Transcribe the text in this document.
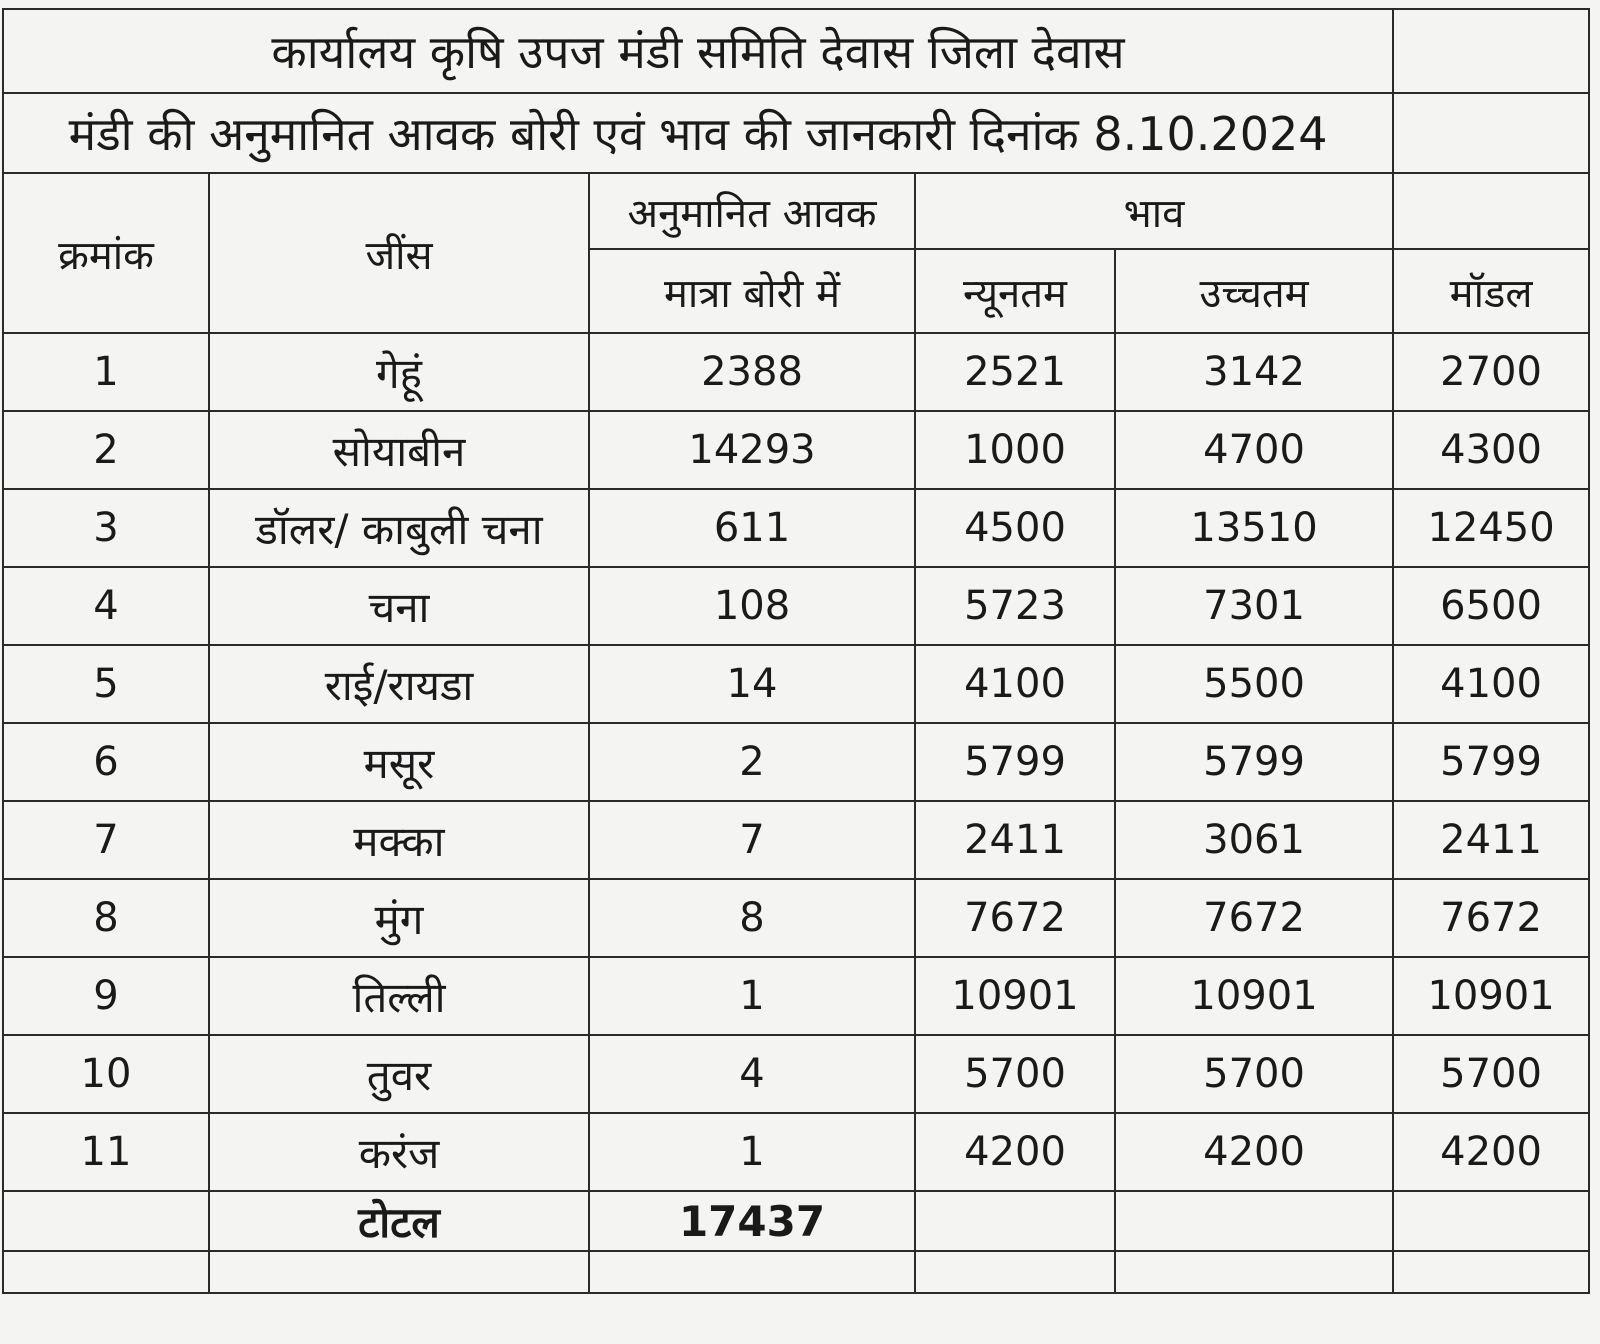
कार्यालय कृषि उपज मंडी समिति देवास जिला देवास					
मंडी की अनुमानित आवक बोरी एवं भाव की जानकारी दिनांक 8.10.2024					
क्रमांक	जींस	अनुमानित आवक	भाव		
		मात्रा बोरी में	न्यूनतम	उच्चतम	मॉडल
1	गेहूं	2388	2521	3142	2700
2	सोयाबीन	14293	1000	4700	4300
3	डॉलर/ काबुली चना	611	4500	13510	12450
4	चना	108	5723	7301	6500
5	राई/रायडा	14	4100	5500	4100
6	मसूर	2	5799	5799	5799
7	मक्का	7	2411	3061	2411
8	मुंग	8	7672	7672	7672
9	तिल्ली	1	10901	10901	10901
10	तुवर	4	5700	5700	5700
11	करंज	1	4200	4200	4200
	टोटल	17437			
